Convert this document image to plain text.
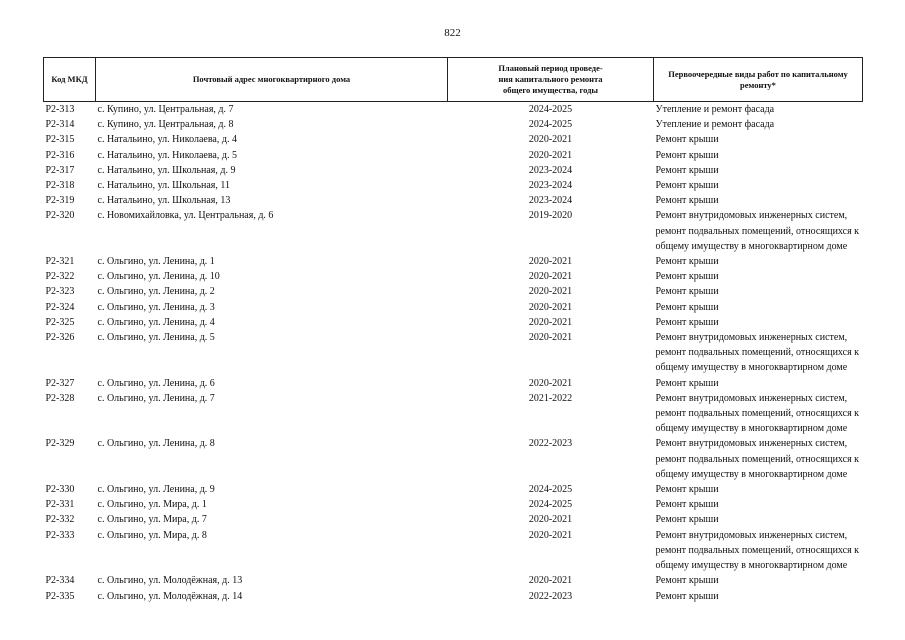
822
Код МКД	Почтовый адрес многоквартирного дома	Плановый период проведе-
ния капитального ремонта
общего имущества, годы	Первоочередные виды работ по капитальному
ремонту*

Р2-313	с. Купино, ул. Центральная, д. 7	2024-2025	Утепление и ремонт фасада

Р2-314	с. Купино, ул. Центральная, д. 8	2024-2025	Утепление и ремонт фасада

Р2-315	с. Натальино, ул. Николаева, д. 4	2020-2021	Ремонт крыши

Р2-316	с. Натальино, ул. Николаева, д. 5	2020-2021	Ремонт крыши

Р2-317	с. Натальино, ул. Школьная, д. 9	2023-2024	Ремонт крыши

Р2-318	с. Натальино, ул. Школьная, 11	2023-2024	Ремонт крыши

Р2-319	с. Натальино, ул. Школьная, 13	2023-2024	Ремонт крыши

Р2-320	с. Новомихайловка, ул. Центральная, д. 6	2019-2020	Ремонт внутридомовых инженерных систем,
ремонт подвальных помещений, относящихся к
общему имуществу в многоквартирном доме

Р2-321	с. Ольгино, ул. Ленина, д. 1	2020-2021	Ремонт крыши

Р2-322	с. Ольгино, ул. Ленина, д. 10	2020-2021	Ремонт крыши

Р2-323	с. Ольгино, ул. Ленина, д. 2	2020-2021	Ремонт крыши

Р2-324	с. Ольгино, ул. Ленина, д. 3	2020-2021	Ремонт крыши

Р2-325	с. Ольгино, ул. Ленина, д. 4	2020-2021	Ремонт крыши

Р2-326	с. Ольгино, ул. Ленина, д. 5	2020-2021	Ремонт внутридомовых инженерных систем,
ремонт подвальных помещений, относящихся к
общему имуществу в многоквартирном доме

Р2-327	с. Ольгино, ул. Ленина, д. 6	2020-2021	Ремонт крыши

Р2-328	с. Ольгино, ул. Ленина, д. 7	2021-2022	Ремонт внутридомовых инженерных систем,
ремонт подвальных помещений, относящихся к
общему имуществу в многоквартирном доме

Р2-329	с. Ольгино, ул. Ленина, д. 8	2022-2023	Ремонт внутридомовых инженерных систем,
ремонт подвальных помещений, относящихся к
общему имуществу в многоквартирном доме

Р2-330	с. Ольгино, ул. Ленина, д. 9	2024-2025	Ремонт крыши

Р2-331	с. Ольгино, ул. Мира, д. 1	2024-2025	Ремонт крыши

Р2-332	с. Ольгино, ул. Мира, д. 7	2020-2021	Ремонт крыши

Р2-333	с. Ольгино, ул. Мира, д. 8	2020-2021	Ремонт внутридомовых инженерных систем,
ремонт подвальных помещений, относящихся к
общему имуществу в многоквартирном доме

Р2-334	с. Ольгино, ул. Молодёжная, д. 13	2020-2021	Ремонт крыши

Р2-335	с. Ольгино, ул. Молодёжная, д. 14	2022-2023	Ремонт крыши
